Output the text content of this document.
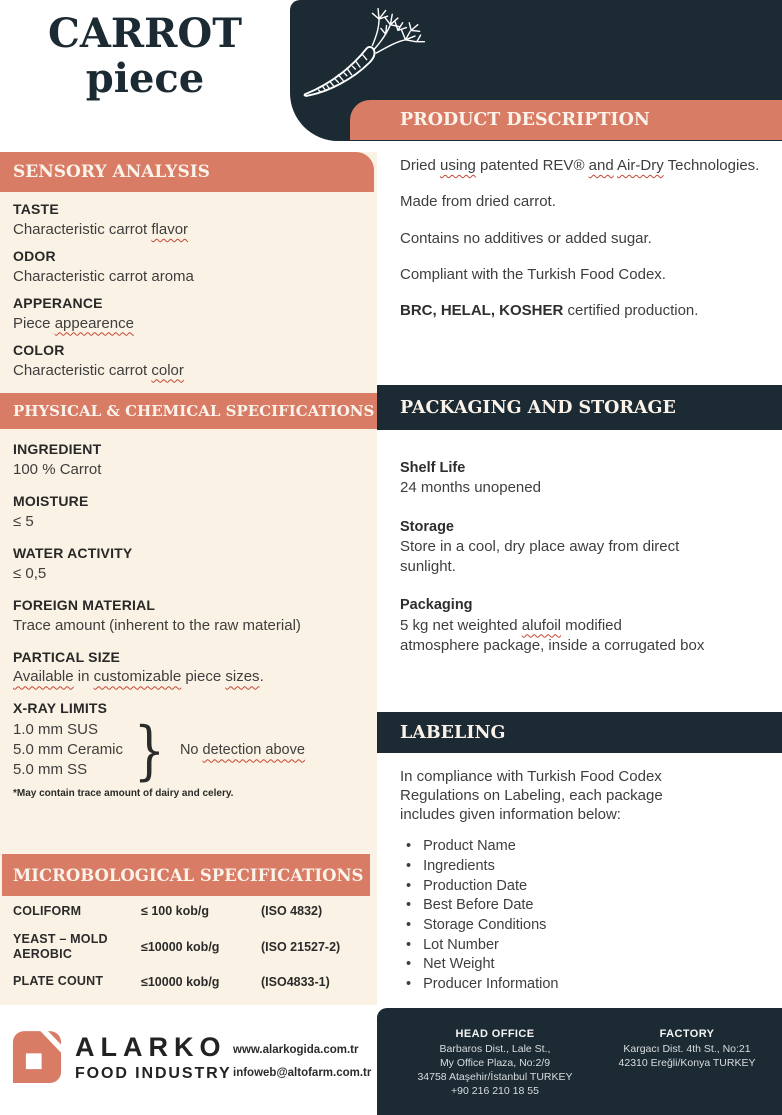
CARROT
piece
PRODUCT DESCRIPTION

Dried using patented REV® and Air-Dry Technologies.

Made from dried carrot.

Contains no additives or added sugar.

Compliant with the Turkish Food Codex.

BRC, HELAL, KOSHER certified production.

SENSORY ANALYSIS
TASTE
Characteristic carrot flavor
ODOR
Characteristic carrot aroma
APPERANCE
Piece appearence
COLOR
Characteristic carrot color
PHYSICAL & CHEMICAL SPECIFICATIONS
INGREDIENT
100 % Carrot
MOISTURE
≤ 5
WATER ACTIVITY
≤ 0,5
FOREIGN MATERIAL
Trace amount (inherent to the raw material)
PARTICAL SIZE
Available in customizable piece sizes.
X-RAY LIMITS
1.0 mm SUS
5.0 mm Ceramic
5.0 mm SS } No detection above
*May contain trace amount of dairy and celery.
MICROBOLOGICAL SPECIFICATIONS
COLIFORM	≤ 100 kob/g	(ISO 4832)
YEAST – MOLD AEROBIC	≤10000 kob/g	(ISO 21527-2)
PLATE COUNT	≤10000 kob/g	(ISO4833-1)
PACKAGING AND STORAGE
Shelf Life
24 months unopened
Storage
Store in a cool, dry place away from direct sunlight.
Packaging
5 kg net weighted alufoil modified
atmosphere package, inside a corrugated box
LABELING
In compliance with Turkish Food Codex Regulations on Labeling, each package includes given information below:
• Product Name
• Ingredients
• Production Date
• Best Before Date
• Storage Conditions
• Lot Number
• Net Weight
• Producer Information
ALARKO
FOOD INDUSTRY
www.alarkogida.com.tr
infoweb@altofarm.com.tr
HEAD OFFICE
Barbaros Dist., Lale St.,
My Office Plaza, No:2/9
34758 Ataşehir/İstanbul TURKEY
+90 216 210 18 55
FACTORY
Kargacı Dist. 4th St., No:21
42310 Ereğli/Konya TURKEY
